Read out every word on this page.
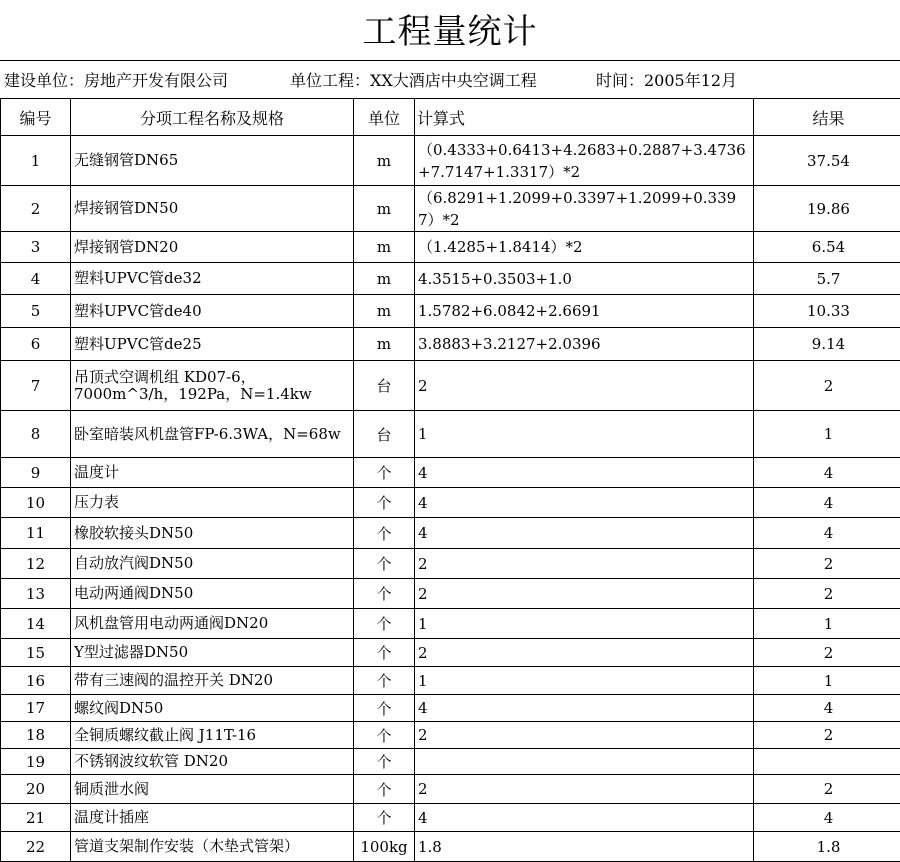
工程量统计
建设单位：房地产开发有限公司	单位工程：XX大酒店中央空调工程	时间：2005年12月
编号	分项工程名称及规格	单位	计算式	结果

1	无缝钢管DN65	m	（0.4333+0.6413+4.2683+0.2887+3.4736+7.7147+1.3317）*2	37.54

2	焊接钢管DN50	m	（6.8291+1.2099+0.3397+1.2099+0.3397）*2	19.86

3	焊接钢管DN20	m	（1.4285+1.8414）*2	6.54

4	塑料UPVC管de32	m	4.3515+0.3503+1.0	5.7

5	塑料UPVC管de40	m	1.5782+6.0842+2.6691	10.33

6	塑料UPVC管de25	m	3.8883+3.2127+2.0396	9.14

7	吊顶式空调机组 KD07-6，7000m^3/h，192Pa，N=1.4kw	台	2	2

8	卧室暗装风机盘管FP-6.3WA，N=68w	台	1	1

9	温度计	个	4	4

10	压力表	个	4	4

11	橡胶软接头DN50	个	4	4

12	自动放汽阀DN50	个	2	2

13	电动两通阀DN50	个	2	2

14	风机盘管用电动两通阀DN20	个	1	1

15	Y型过滤器DN50	个	2	2

16	带有三速阀的温控开关 DN20	个	1	1

17	螺纹阀DN50	个	4	4

18	全铜质螺纹截止阀 J11T-16	个	2	2

19	不锈钢波纹软管 DN20	个		

20	铜质泄水阀	个	2	2

21	温度计插座	个	4	4

22	管道支架制作安装（木垫式管架）	100kg	1.8	1.8
